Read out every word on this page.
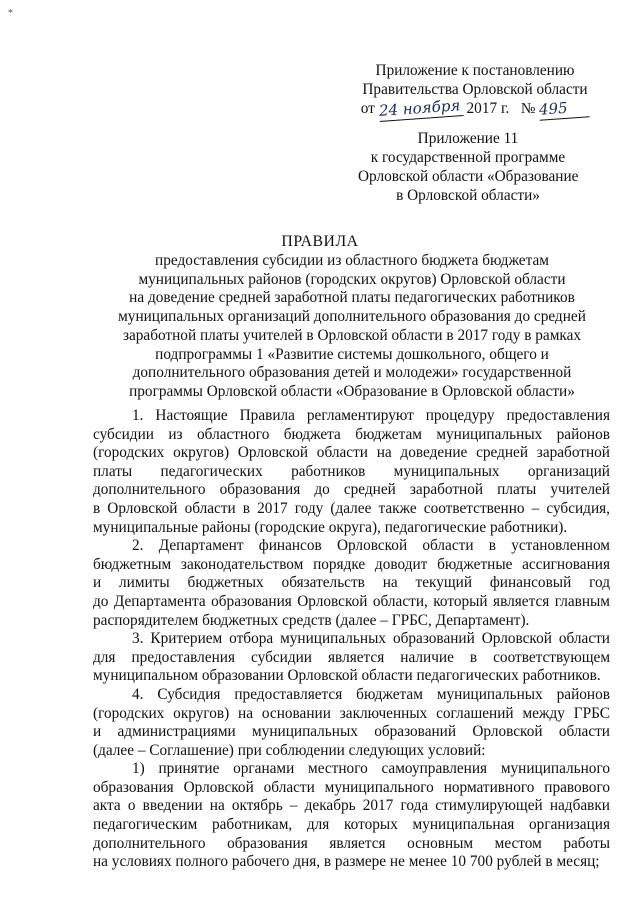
*
Приложение к постановлению
Правительства Орловской области
от 24 ноября 2017 г. № 495
Приложение 11
к государственной программе
Орловской области «Образование
в Орловской области»
ПРАВИЛА
предоставления субсидии из областного бюджета бюджетам
муниципальных районов (городских округов) Орловской области
на доведение средней заработной платы педагогических работников
муниципальных организаций дополнительного образования до средней
заработной платы учителей в Орловской области в 2017 году в рамках
подпрограммы 1 «Развитие системы дошкольного, общего и
дополнительного образования детей и молодежи» государственной
программы Орловской области «Образование в Орловской области»
1. Настоящие Правила регламентируют процедуру предоставления
субсидии из областного бюджета бюджетам муниципальных районов
(городских округов) Орловской области на доведение средней заработной
платы педагогических работников муниципальных организаций
дополнительного образования до средней заработной платы учителей
в Орловской области в 2017 году (далее также соответственно – субсидия,
муниципальные районы (городские округа), педагогические работники).
2. Департамент финансов Орловской области в установленном
бюджетным законодательством порядке доводит бюджетные ассигнования
и лимиты бюджетных обязательств на текущий финансовый год
до Департамента образования Орловской области, который является главным
распорядителем бюджетных средств (далее – ГРБС, Департамент).
3. Критерием отбора муниципальных образований Орловской области
для предоставления субсидии является наличие в соответствующем
муниципальном образовании Орловской области педагогических работников.
4. Субсидия предоставляется бюджетам муниципальных районов
(городских округов) на основании заключенных соглашений между ГРБС
и администрациями муниципальных образований Орловской области
(далее – Соглашение) при соблюдении следующих условий:
1) принятие органами местного самоуправления муниципального
образования Орловской области муниципального нормативного правового
акта о введении на октябрь – декабрь 2017 года стимулирующей надбавки
педагогическим работникам, для которых муниципальная организация
дополнительного образования является основным местом работы
на условиях полного рабочего дня, в размере не менее 10 700 рублей в месяц;
